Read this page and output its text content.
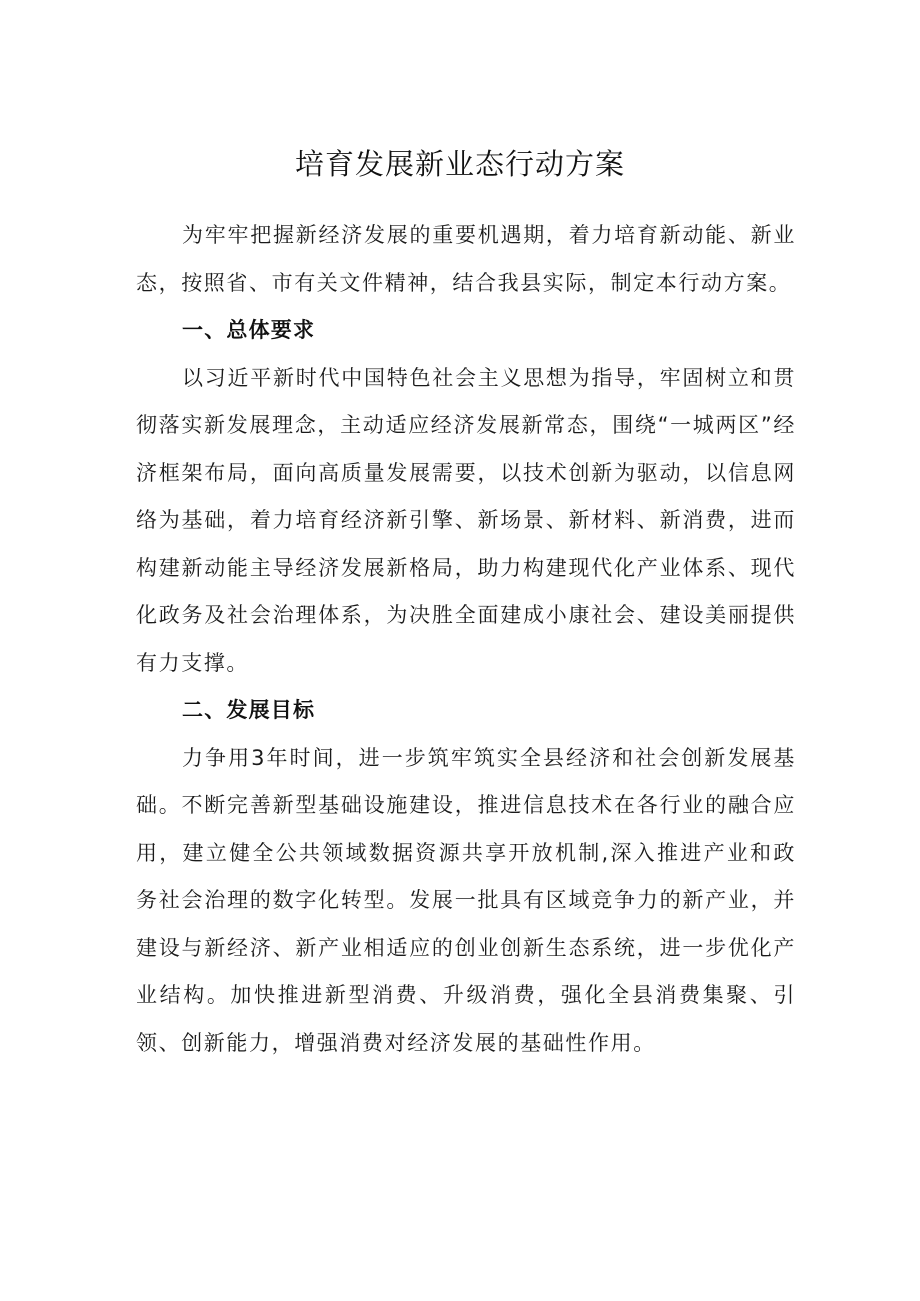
培育发展新业态行动方案

为牢牢把握新经济发展的重要机遇期，着力培育新动能、新业态，按照省、市有关文件精神，结合我县实际，制定本行动方案。

一、总体要求

以习近平新时代中国特色社会主义思想为指导，牢固树立和贯彻落实新发展理念，主动适应经济发展新常态，围绕“一城两区”经济框架布局，面向高质量发展需要，以技术创新为驱动，以信息网络为基础，着力培育经济新引擎、新场景、新材料、新消费，进而构建新动能主导经济发展新格局，助力构建现代化产业体系、现代化政务及社会治理体系，为决胜全面建成小康社会、建设美丽提供有力支撑。

二、发展目标

力争用3年时间，进一步筑牢筑实全县经济和社会创新发展基础。不断完善新型基础设施建设，推进信息技术在各行业的融合应用，建立健全公共领域数据资源共享开放机制,深入推进产业和政务社会治理的数字化转型。发展一批具有区域竞争力的新产业，并建设与新经济、新产业相适应的创业创新生态系统，进一步优化产业结构。加快推进新型消费、升级消费，强化全县消费集聚、引领、创新能力，增强消费对经济发展的基础性作用。
